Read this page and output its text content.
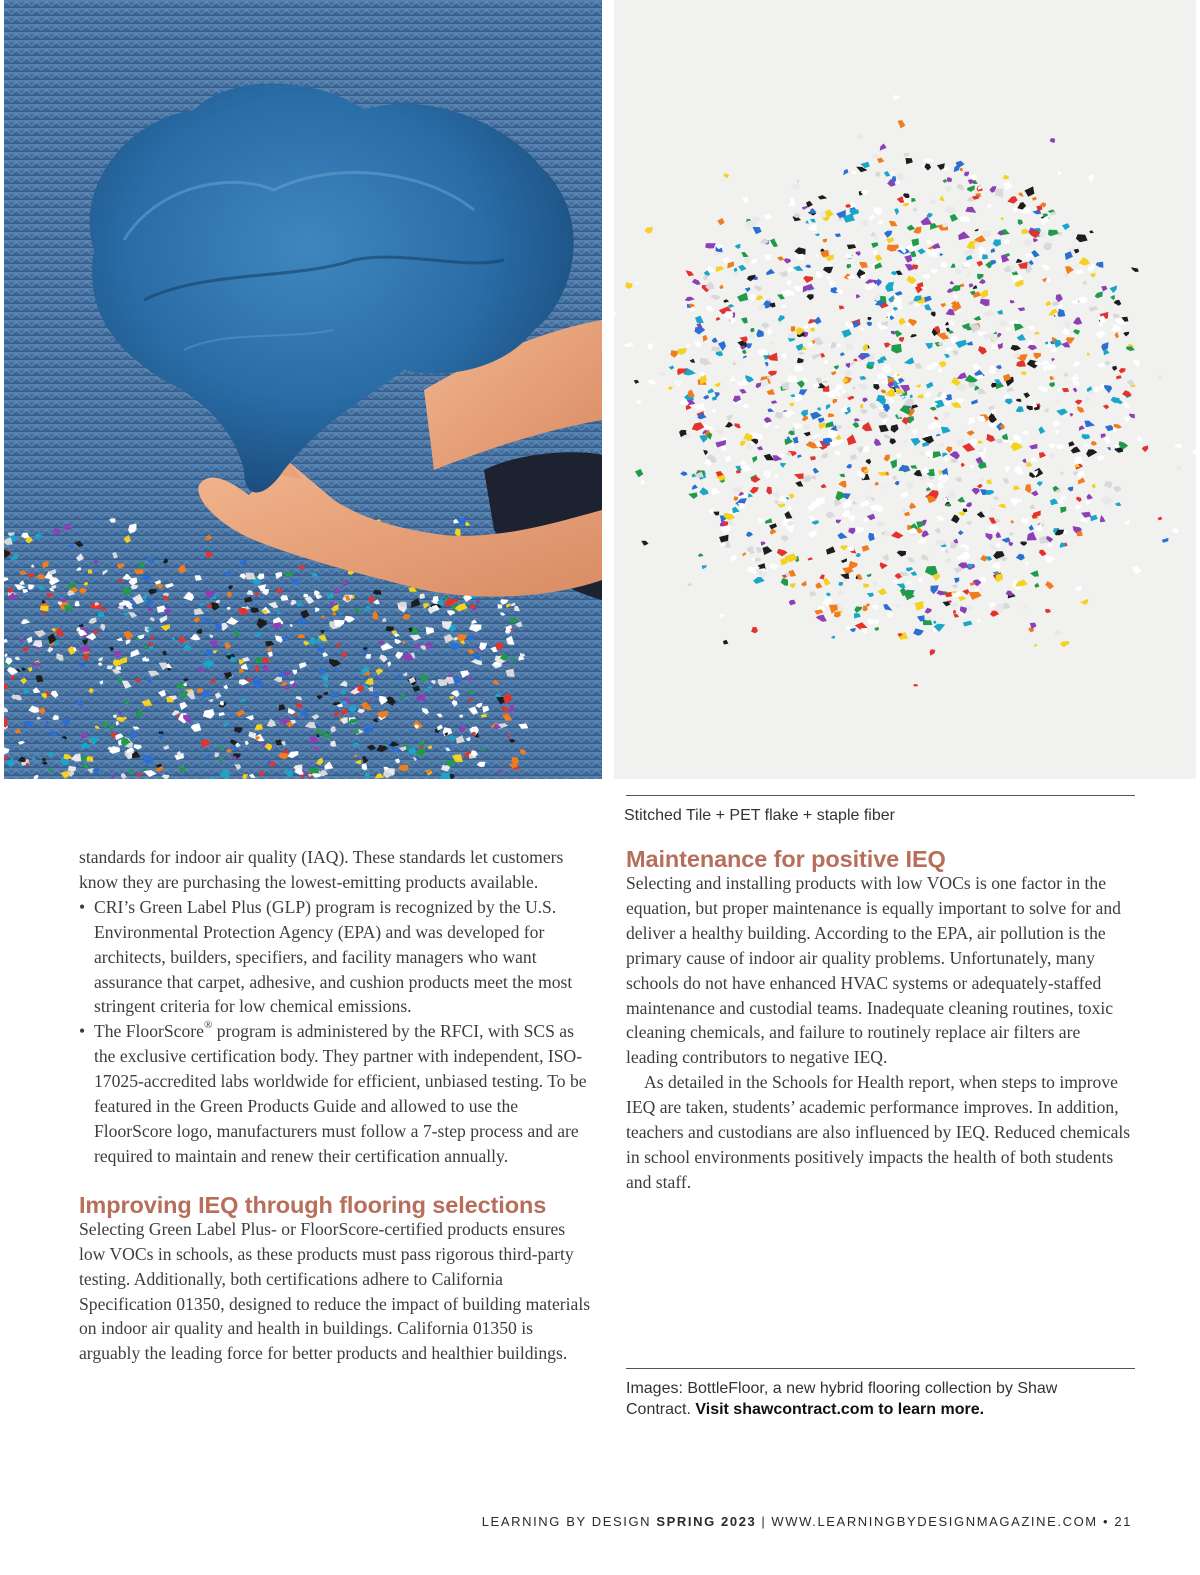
Stitched Tile + PET flake + staple fiber

standards for indoor air quality (IAQ). These standards let customers know they are purchasing the lowest-emitting products available.

• CRI’s Green Label Plus (GLP) program is recognized by the U.S. Environmental Protection Agency (EPA) and was developed for architects, builders, specifiers, and facility managers who want assurance that carpet, adhesive, and cushion products meet the most stringent criteria for low chemical emissions.
• The FloorScore® program is administered by the RFCI, with SCS as the exclusive certification body. They partner with independent, ISO-17025-accredited labs worldwide for efficient, unbiased testing. To be featured in the Green Products Guide and allowed to use the FloorScore logo, manufacturers must follow a 7-step process and are required to maintain and renew their certification annually.
Improving IEQ through flooring selections

Selecting Green Label Plus- or FloorScore-certified products ensures low VOCs in schools, as these products must pass rigorous third-party testing. Additionally, both certifications adhere to California Specification 01350, designed to reduce the impact of building materials on indoor air quality and health in buildings. California 01350 is arguably the leading force for better products and healthier buildings.

Maintenance for positive IEQ

Selecting and installing products with low VOCs is one factor in the equation, but proper maintenance is equally important to solve for and deliver a healthy building. According to the EPA, air pollution is the primary cause of indoor air quality problems. Unfortunately, many schools do not have enhanced HVAC systems or adequately-staffed maintenance and custodial teams. Inadequate cleaning routines, toxic cleaning chemicals, and failure to routinely replace air filters are leading contributors to negative IEQ.

As detailed in the Schools for Health report, when steps to improve IEQ are taken, students’ academic performance improves. In addition, teachers and custodians are also influenced by IEQ. Reduced chemicals in school environments positively impacts the health of both students and staff.

Images: BottleFloor, a new hybrid flooring collection by Shaw Contract. Visit shawcontract.com to learn more.
LEARNING BY DESIGN SPRING 2023 | WWW.LEARNINGBYDESIGNMAGAZINE.COM • 21
